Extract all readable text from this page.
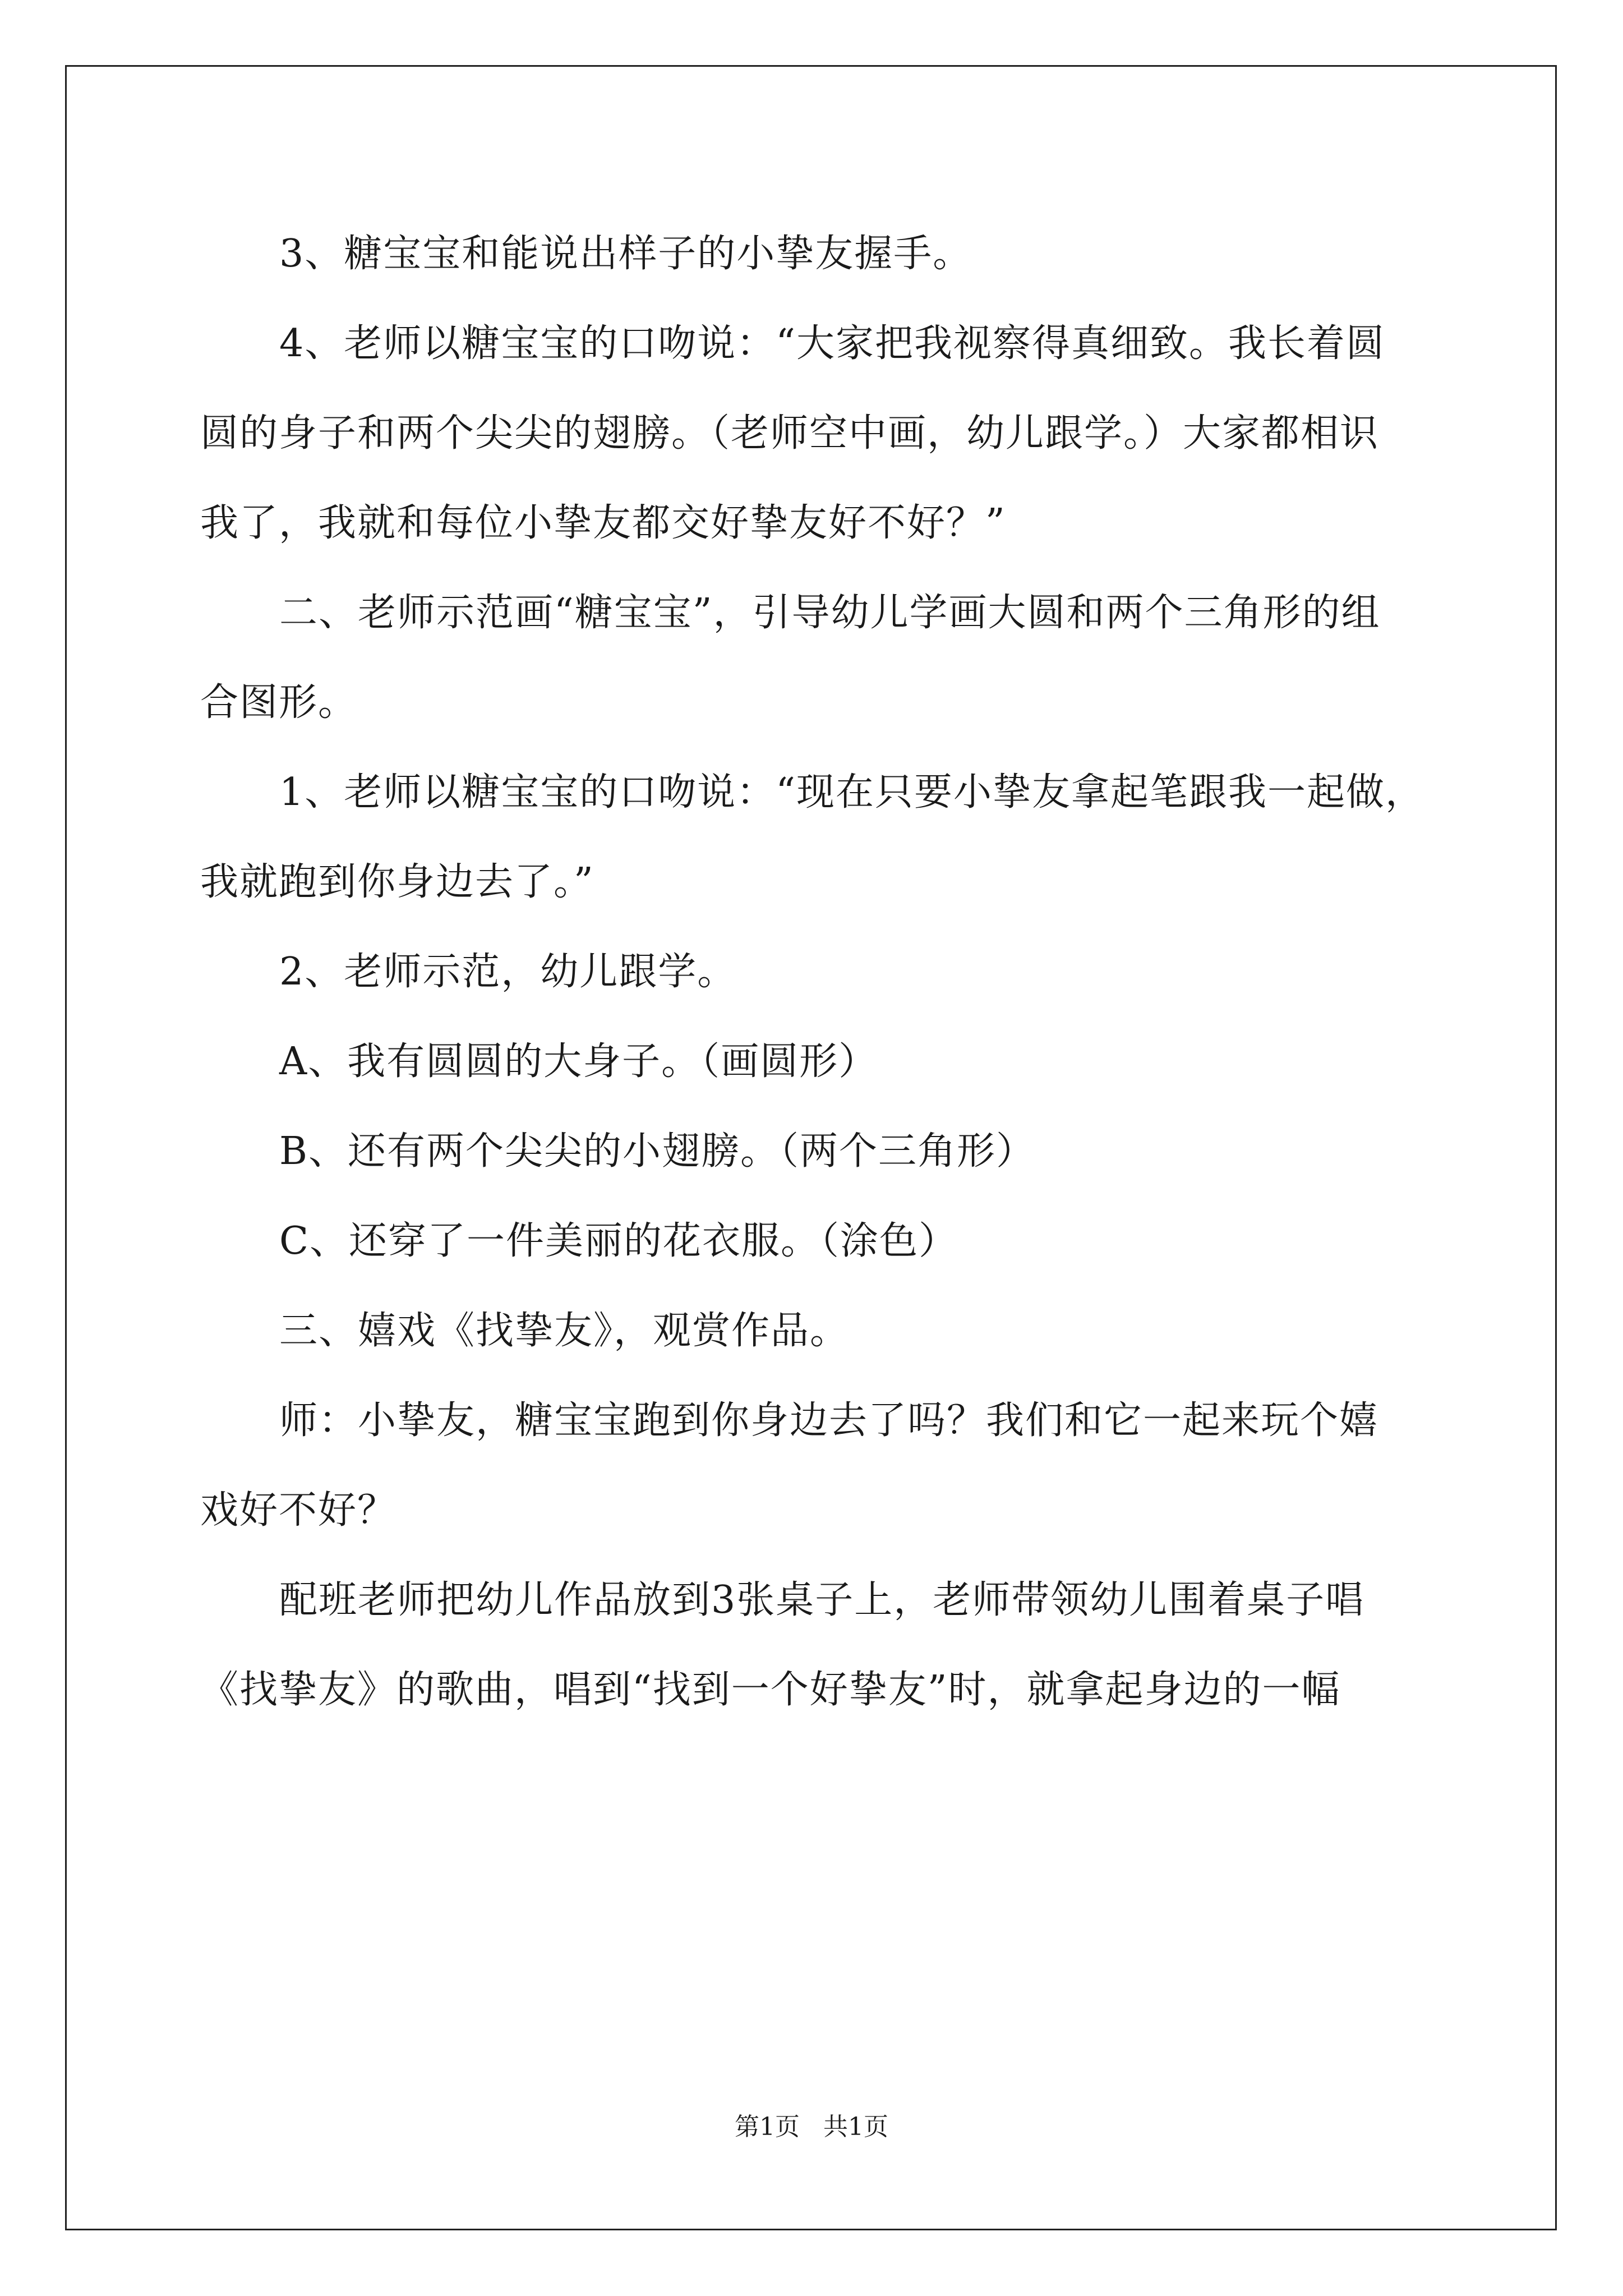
3、糖宝宝和能说出样子的小挚友握手。
4、老师以糖宝宝的口吻说：“大家把我视察得真细致。我长着圆
圆的身子和两个尖尖的翅膀。（老师空中画，幼儿跟学。）大家都相识
我了，我就和每位小挚友都交好挚友好不好？”
二、老师示范画“糖宝宝”，引导幼儿学画大圆和两个三角形的组
合图形。
1、老师以糖宝宝的口吻说：“现在只要小挚友拿起笔跟我一起做，
我就跑到你身边去了。”
2、老师示范，幼儿跟学。
A、我有圆圆的大身子。（画圆形）
B、还有两个尖尖的小翅膀。（两个三角形）
C、还穿了一件美丽的花衣服。（涂色）
三、嬉戏《找挚友》，观赏作品。
师：小挚友，糖宝宝跑到你身边去了吗？我们和它一起来玩个嬉
戏好不好？
配班老师把幼儿作品放到3张桌子上，老师带领幼儿围着桌子唱
《找挚友》的歌曲，唱到“找到一个好挚友”时，就拿起身边的一幅
第1页 共1页
